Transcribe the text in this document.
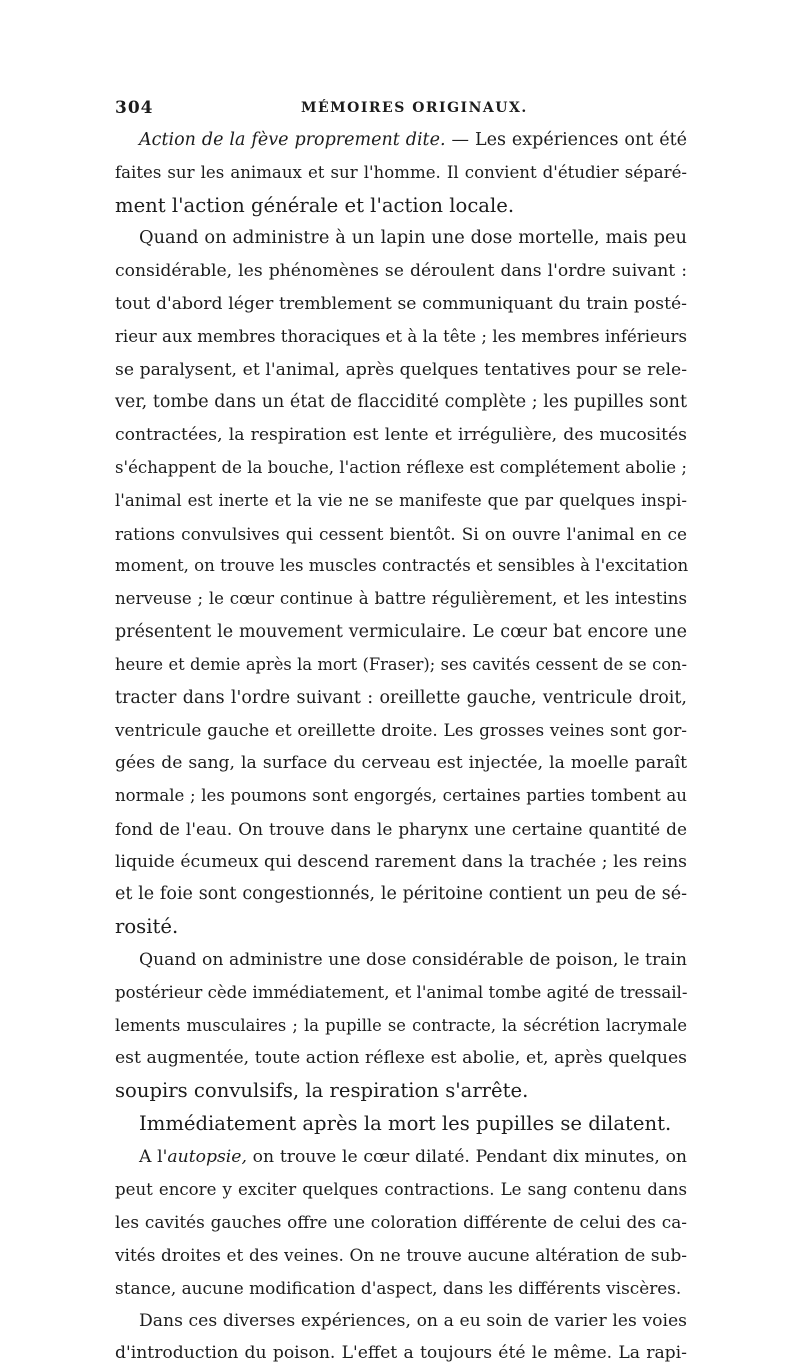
304	MÉMOIRES ORIGINAUX.
Action de la fève proprement dite. — Les expériences ont été
faites sur les animaux et sur l'homme. Il convient d'étudier séparé-
ment l'action générale et l'action locale.
Quand on administre à un lapin une dose mortelle, mais peu
considérable, les phénomènes se déroulent dans l'ordre suivant :
tout d'abord léger tremblement se communiquant du train posté-
rieur aux membres thoraciques et à la tête ; les membres inférieurs
se paralysent, et l'animal, après quelques tentatives pour se rele-
ver, tombe dans un état de flaccidité complète ; les pupilles sont
contractées, la respiration est lente et irrégulière, des mucosités
s'échappent de la bouche, l'action réflexe est complétement abolie ;
l'animal est inerte et la vie ne se manifeste que par quelques inspi-
rations convulsives qui cessent bientôt. Si on ouvre l'animal en ce
moment, on trouve les muscles contractés et sensibles à l'excitation
nerveuse ; le cœur continue à battre régulièrement, et les intestins
présentent le mouvement vermiculaire. Le cœur bat encore une
heure et demie après la mort (Fraser); ses cavités cessent de se con-
tracter dans l'ordre suivant : oreillette gauche, ventricule droit,
ventricule gauche et oreillette droite. Les grosses veines sont gor-
gées de sang, la surface du cerveau est injectée, la moelle paraît
normale ; les poumons sont engorgés, certaines parties tombent au
fond de l'eau. On trouve dans le pharynx une certaine quantité de
liquide écumeux qui descend rarement dans la trachée ; les reins
et le foie sont congestionnés, le péritoine contient un peu de sé-
rosité.
Quand on administre une dose considérable de poison, le train
postérieur cède immédiatement, et l'animal tombe agité de tressail-
lements musculaires ; la pupille se contracte, la sécrétion lacrymale
est augmentée, toute action réflexe est abolie, et, après quelques
soupirs convulsifs, la respiration s'arrête.
Immédiatement après la mort les pupilles se dilatent.
A l'autopsie, on trouve le cœur dilaté. Pendant dix minutes, on
peut encore y exciter quelques contractions. Le sang contenu dans
les cavités gauches offre une coloration différente de celui des ca-
vités droites et des veines. On ne trouve aucune altération de sub-
stance, aucune modification d'aspect, dans les différents viscères.
Dans ces diverses expériences, on a eu soin de varier les voies
d'introduction du poison. L'effet a toujours été le même. La rapi-
